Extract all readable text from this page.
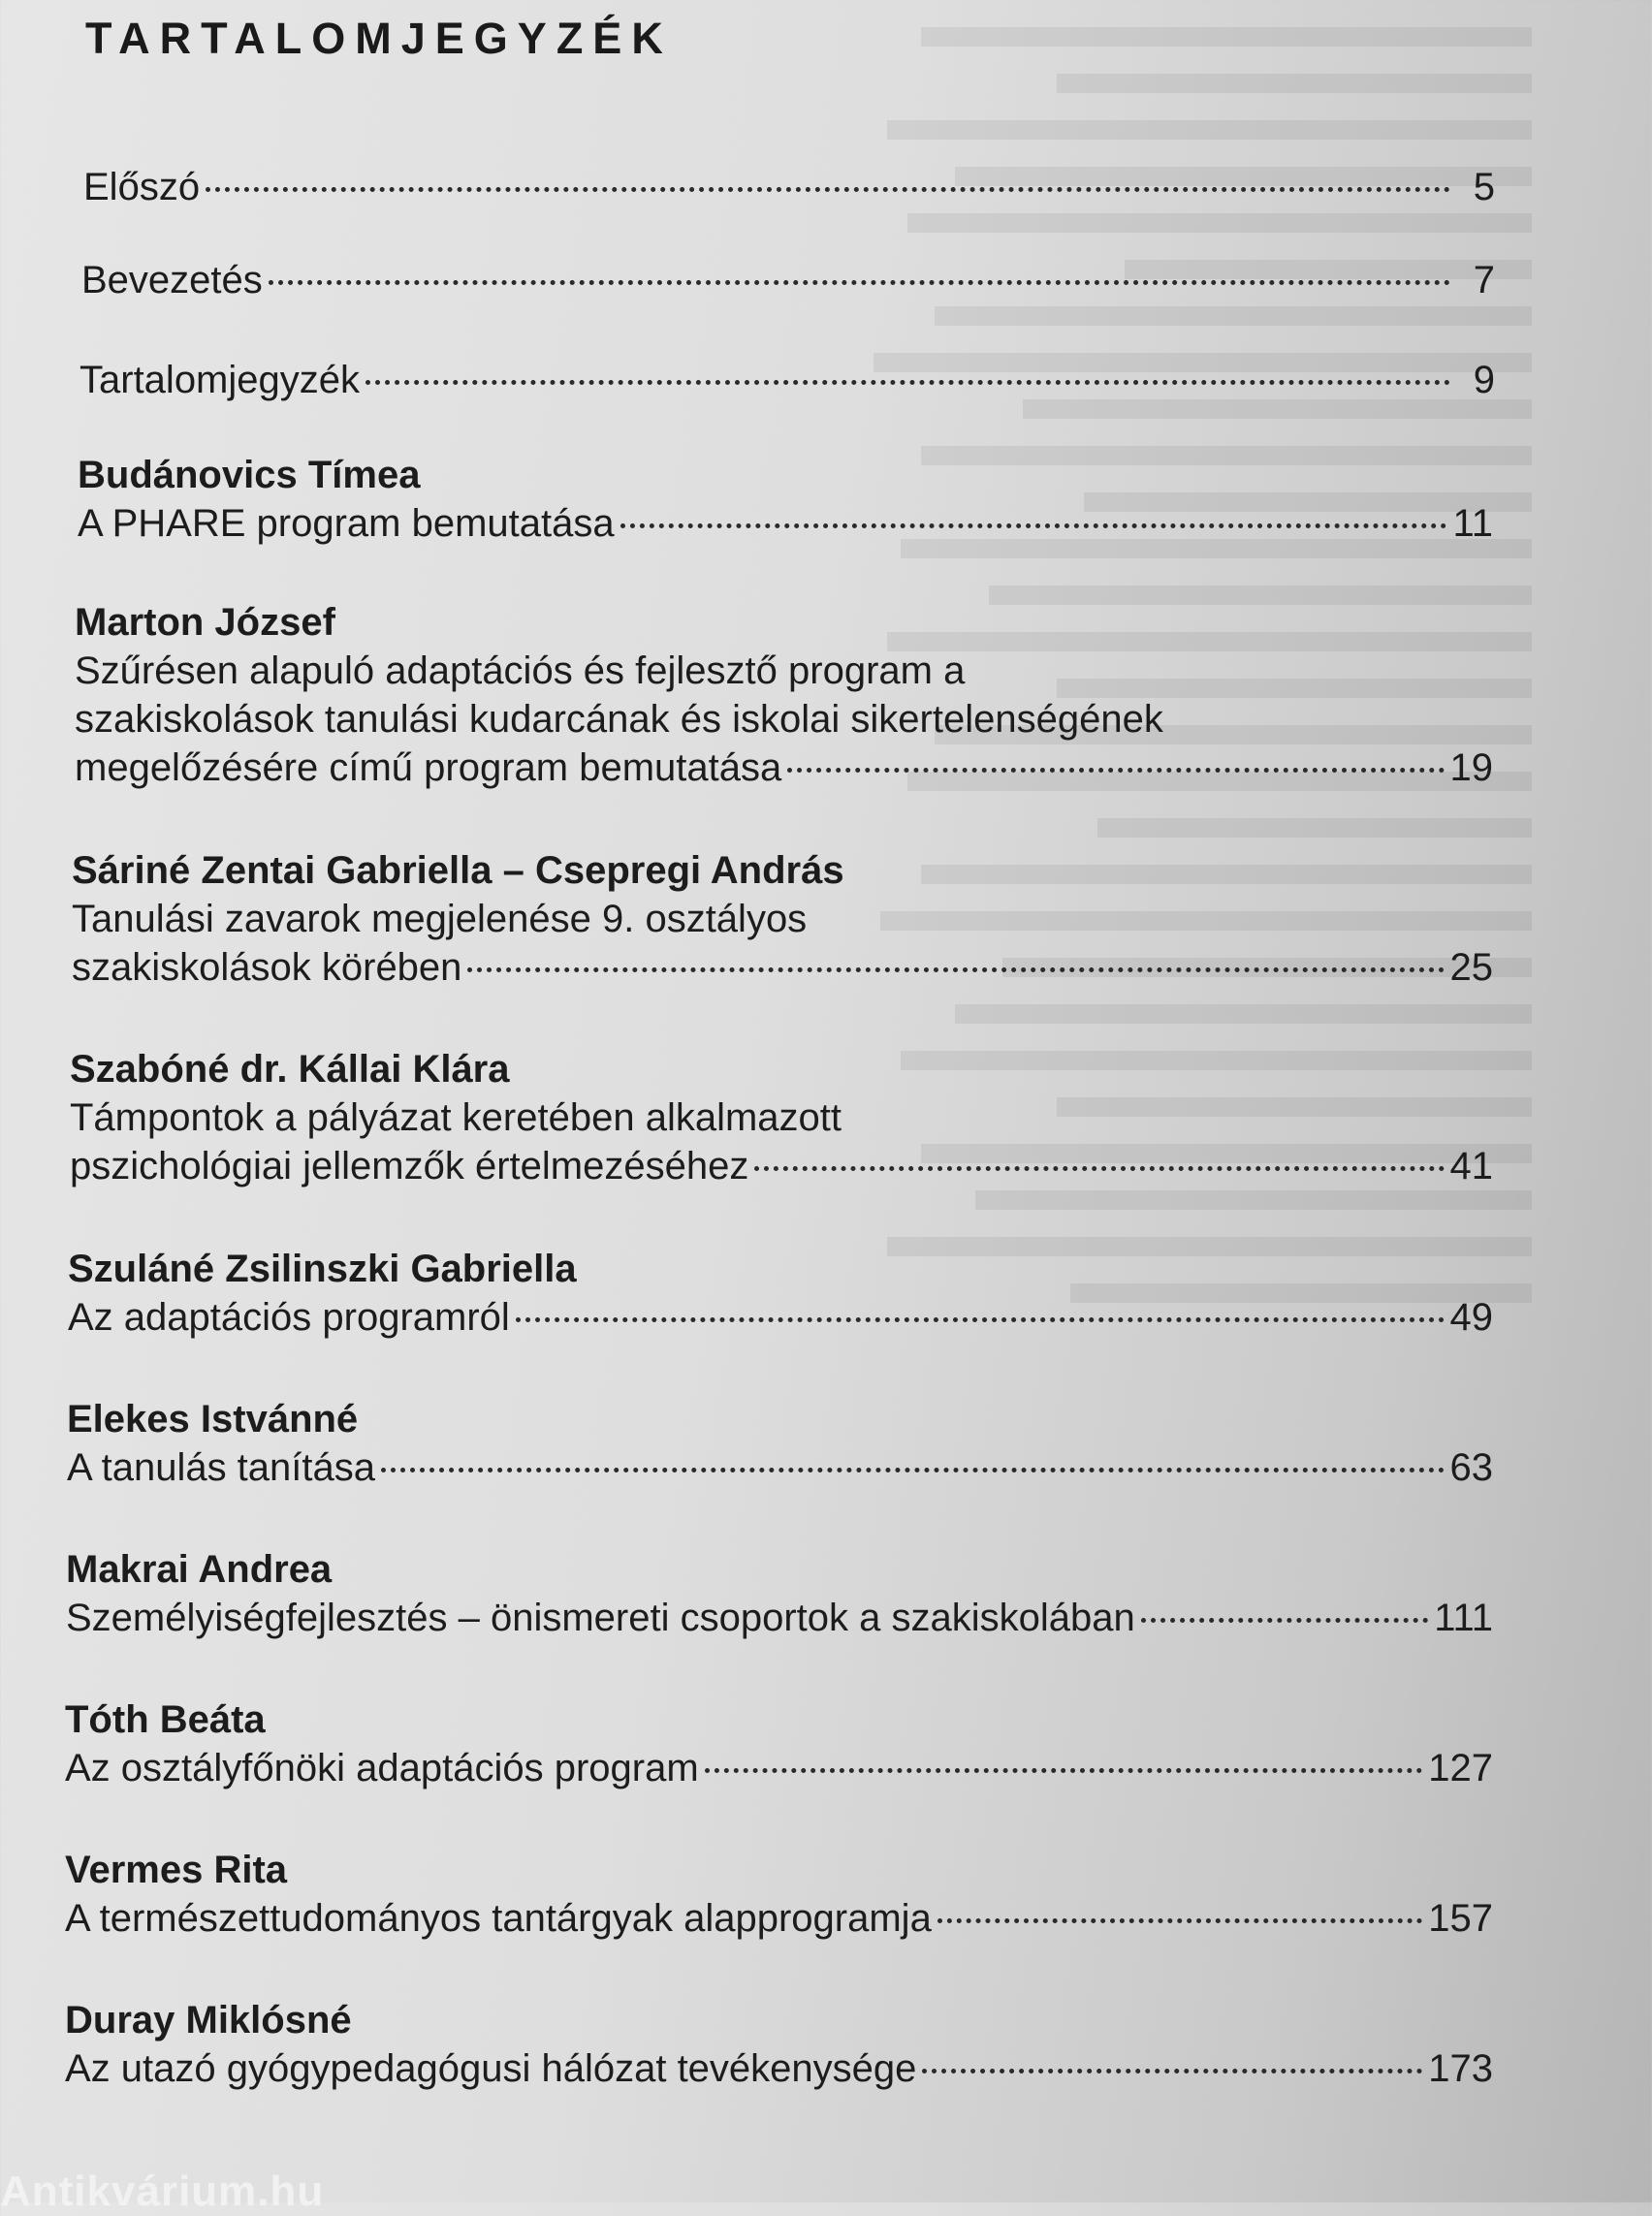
TARTALOMJEGYZÉK
Előszó	5
Bevezetés	7
Tartalomjegyzék	9
Budánovics Tímea
A PHARE program bemutatása	11
Marton József
Szűrésen alapuló adaptációs és fejlesztő program a
szakiskolások tanulási kudarcának és iskolai sikertelenségének
megelőzésére című program bemutatása	19
Sáriné Zentai Gabriella – Csepregi András
Tanulási zavarok megjelenése 9. osztályos
szakiskolások körében	25
Szabóné dr. Kállai Klára
Támpontok a pályázat keretében alkalmazott
pszichológiai jellemzők értelmezéséhez	41
Szuláné Zsilinszki Gabriella
Az adaptációs programról	49
Elekes Istvánné
A tanulás tanítása	63
Makrai Andrea
Személyiségfejlesztés – önismereti csoportok a szakiskolában	111
Tóth Beáta
Az osztályfőnöki adaptációs program	127
Vermes Rita
A természettudományos tantárgyak alapprogramja	157
Duray Miklósné
Az utazó gyógypedagógusi hálózat tevékenysége	173
Antikvárium.hu
